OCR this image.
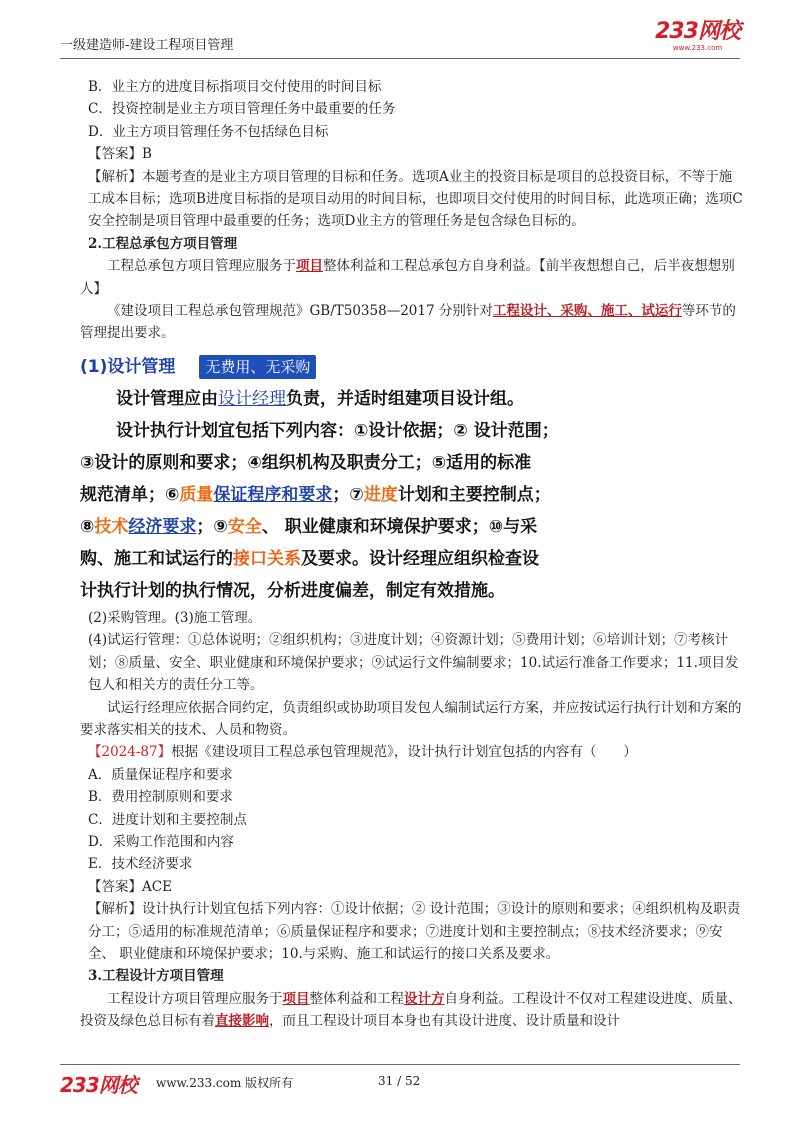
一级建造师-建设工程项目管理
233网校
www.233.com

B．业主方的进度目标指项目交付使用的时间目标

C．投资控制是业主方项目管理任务中最重要的任务

D．业主方项目管理任务不包括绿色目标

【答案】B

【解析】本题考查的是业主方项目管理的目标和任务。选项A业主的投资目标是项目的总投资目标，不等于施工成本目标；选项B进度目标指的是项目动用的时间目标，也即项目交付使用的时间目标，此选项正确；选项C安全控制是项目管理中最重要的任务；选项D业主方的管理任务是包含绿色目标的。

2.工程总承包方项目管理

工程总承包方项目管理应服务于项目整体利益和工程总承包方自身利益。【前半夜想想自己，后半夜想想别人】

《建设项目工程总承包管理规范》GB/T50358—2017 分别针对工程设计、采购、施工、试运行等环节的管理提出要求。

(1)设计管理 无费用、无采购
设计管理应由设计经理负责，并适时组建项目设计组。
设计执行计划宜包括下列内容：①设计依据；② 设计范围；
③设计的原则和要求；④组织机构及职责分工；⑤适用的标准
规范清单；⑥质量保证程序和要求；⑦进度计划和主要控制点；
⑧技术经济要求；⑨安全、 职业健康和环境保护要求；⑩与采
购、施工和试运行的接口关系及要求。设计经理应组织检查设
计执行计划的执行情况，分析进度偏差，制定有效措施。

(2)采购管理。(3)施工管理。

(4)试运行管理：①总体说明；②组织机构；③进度计划；④资源计划；⑤费用计划；⑥培训计划；⑦考核计划；⑧质量、安全、职业健康和环境保护要求；⑨试运行文件编制要求；10.试运行准备工作要求；11.项目发包人和相关方的责任分工等。

试运行经理应依据合同约定，负责组织或协助项目发包人编制试运行方案，并应按试运行执行计划和方案的要求落实相关的技术、人员和物资。

【2024-87】根据《建设项目工程总承包管理规范》，设计执行计划宜包括的内容有（　　）

A．质量保证程序和要求

B．费用控制原则和要求

C．进度计划和主要控制点

D．采购工作范围和内容

E．技术经济要求

【答案】ACE

【解析】设计执行计划宜包括下列内容：①设计依据；② 设计范围；③设计的原则和要求；④组织机构及职责分工；⑤适用的标准规范清单；⑥质量保证程序和要求；⑦进度计划和主要控制点；⑧技术经济要求；⑨安全、 职业健康和环境保护要求；10.与采购、施工和试运行的接口关系及要求。

3.工程设计方项目管理

工程设计方项目管理应服务于项目整体利益和工程设计方自身利益。工程设计不仅对工程建设进度、质量、 投资及绿色总目标有着直接影响，而且工程设计项目本身也有其设计进度、设计质量和设计

233网校 www.233.com 版权所有	31 / 52
